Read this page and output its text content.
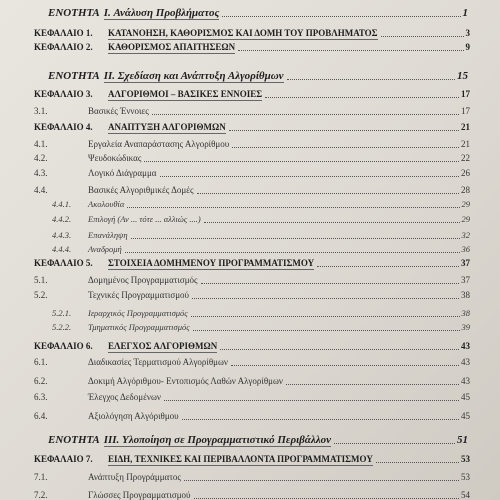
ΕΝΟΤΗΤΑ I. Ανάλυση Προβλήματος	1
ΚΕΦΑΛΑΙΟ 1. ΚΑΤΑΝΟΗΣΗ, ΚΑΘΟΡΙΣΜΟΣ ΚΑΙ ΔΟΜΗ ΤΟΥ ΠΡΟΒΛΗΜΑΤΟΣ	3
ΚΕΦΑΛΑΙΟ 2. ΚΑΘΟΡΙΣΜΟΣ ΑΠΑΙΤΗΣΕΩΝ	9
ΕΝΟΤΗΤΑ II. Σχεδίαση και Ανάπτυξη Αλγορίθμων	15
ΚΕΦΑΛΑΙΟ 3. ΑΛΓΟΡΙΘΜΟΙ – ΒΑΣΙΚΕΣ ΕΝΝΟΙΕΣ	17
3.1.	Βασικές Έννοιες	17
ΚΕΦΑΛΑΙΟ 4. ΑΝΑΠΤΥΞΗ ΑΛΓΟΡΙΘΜΩΝ	21
4.1.	Εργαλεία Αναπαράστασης Αλγορίθμου	21
4.2.	Ψευδοκώδικας	22
4.3.	Λογικό Διάγραμμα	26
4.4.	Βασικές Αλγοριθμικές Δομές	28
4.4.1. Ακολουθία	29
4.4.2. Επιλογή (Αν ... τότε ... αλλιώς ....)	29
4.4.3. Επανάληψη	32
4.4.4. Αναδρομή	36
ΚΕΦΑΛΑΙΟ 5. ΣΤΟΙΧΕΙΑ ΔΟΜΗΜΕΝΟΥ ΠΡΟΓΡΑΜΜΑΤΙΣΜΟΥ	37
5.1.	Δομημένος Προγραμματισμός	37
5.2.	Τεχνικές Προγραμματισμού	38
5.2.1. Ιεραρχικός Προγραμματισμός	38
5.2.2. Τμηματικός Προγραμματισμός	39
ΚΕΦΑΛΑΙΟ 6. ΕΛΕΓΧΟΣ ΑΛΓΟΡΙΘΜΩΝ	43
6.1.	Διαδικασίες Τερματισμού Αλγορίθμων	43
6.2.	Δοκιμή Αλγόριθμου- Εντοπισμός Λαθών Αλγορίθμων	43
6.3.	Έλεγχος Δεδομένων	45
6.4.	Αξιολόγηση Αλγόριθμου	45
ΕΝΟΤΗΤΑ III. Υλοποίηση σε Προγραμματιστικό Περιβάλλον	51
ΚΕΦΑΛΑΙΟ 7. ΕΙΔΗ, ΤΕΧΝΙΚΕΣ ΚΑΙ ΠΕΡΙΒΑΛΛΟΝΤΑ ΠΡΟΓΡΑΜΜΑΤΙΣΜΟΥ	53
7.1.	Ανάπτυξη Προγράμματος	53
7.2.	Γλώσσες Προγραμματισμού	54
